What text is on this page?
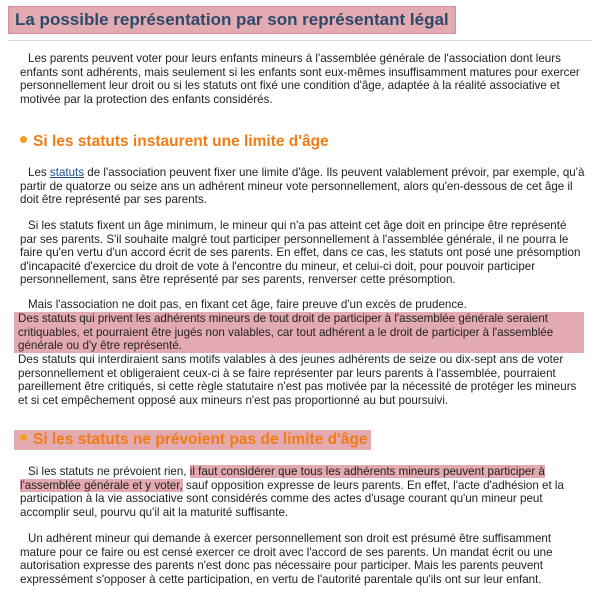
La possible représentation par son représentant légal

Les parents peuvent voter pour leurs enfants mineurs à l'assemblée générale de l'association dont leurs enfants sont adhérents, mais seulement si les enfants sont eux-mêmes insuffisamment matures pour exercer personnellement leur droit ou si les statuts ont fixé une condition d'âge, adaptée à la réalité associative et motivée par la protection des enfants considérés.

Si les statuts instaurent une limite d'âge

Les statuts de l'association peuvent fixer une limite d'âge. Ils peuvent valablement prévoir, par exemple, qu'à partir de quatorze ou seize ans un adhérent mineur vote personnellement, alors qu'en-dessous de cet âge il doit être représenté par ses parents.

Si les statuts fixent un âge minimum, le mineur qui n'a pas atteint cet âge doit en principe être représenté par ses parents. S'il souhaite malgré tout participer personnellement à l'assemblée générale, il ne pourra le faire qu'en vertu d'un accord écrit de ses parents. En effet, dans ce cas, les statuts ont posé une présomption d'incapacité d'exercice du droit de vote à l'encontre du mineur, et celui-ci doit, pour pouvoir participer personnellement, sans être représenté par ses parents, renverser cette présomption.

Mais l'association ne doit pas, en fixant cet âge, faire preuve d'un excès de prudence.

Des statuts qui privent les adhérents mineurs de tout droit de participer à l'assemblée générale seraient critiquables, et pourraient être jugés non valables, car tout adhérent a le droit de participer à l'assemblée générale ou d'y être représenté.

Des statuts qui interdiraient sans motifs valables à des jeunes adhérents de seize ou dix-sept ans de voter personnellement et obligeraient ceux-ci à se faire représenter par leurs parents à l'assemblée, pourraient pareillement être critiqués, si cette règle statutaire n'est pas motivée par la nécessité de protéger les mineurs et si cet empêchement opposé aux mineurs n'est pas proportionné au but poursuivi.

Si les statuts ne prévoient pas de limite d'âge

Si les statuts ne prévoient rien, il faut considérer que tous les adhérents mineurs peuvent participer à l'assemblée générale et y voter, sauf opposition expresse de leurs parents. En effet, l'acte d'adhésion et la participation à la vie associative sont considérés comme des actes d'usage courant qu'un mineur peut accomplir seul, pourvu qu'il ait la maturité suffisante.

Un adhérent mineur qui demande à exercer personnellement son droit est présumé être suffisamment mature pour ce faire ou est censé exercer ce droit avec l'accord de ses parents. Un mandat écrit ou une autorisation expresse des parents n'est donc pas nécessaire pour participer. Mais les parents peuvent expressément s'opposer à cette participation, en vertu de l'autorité parentale qu'ils ont sur leur enfant.
